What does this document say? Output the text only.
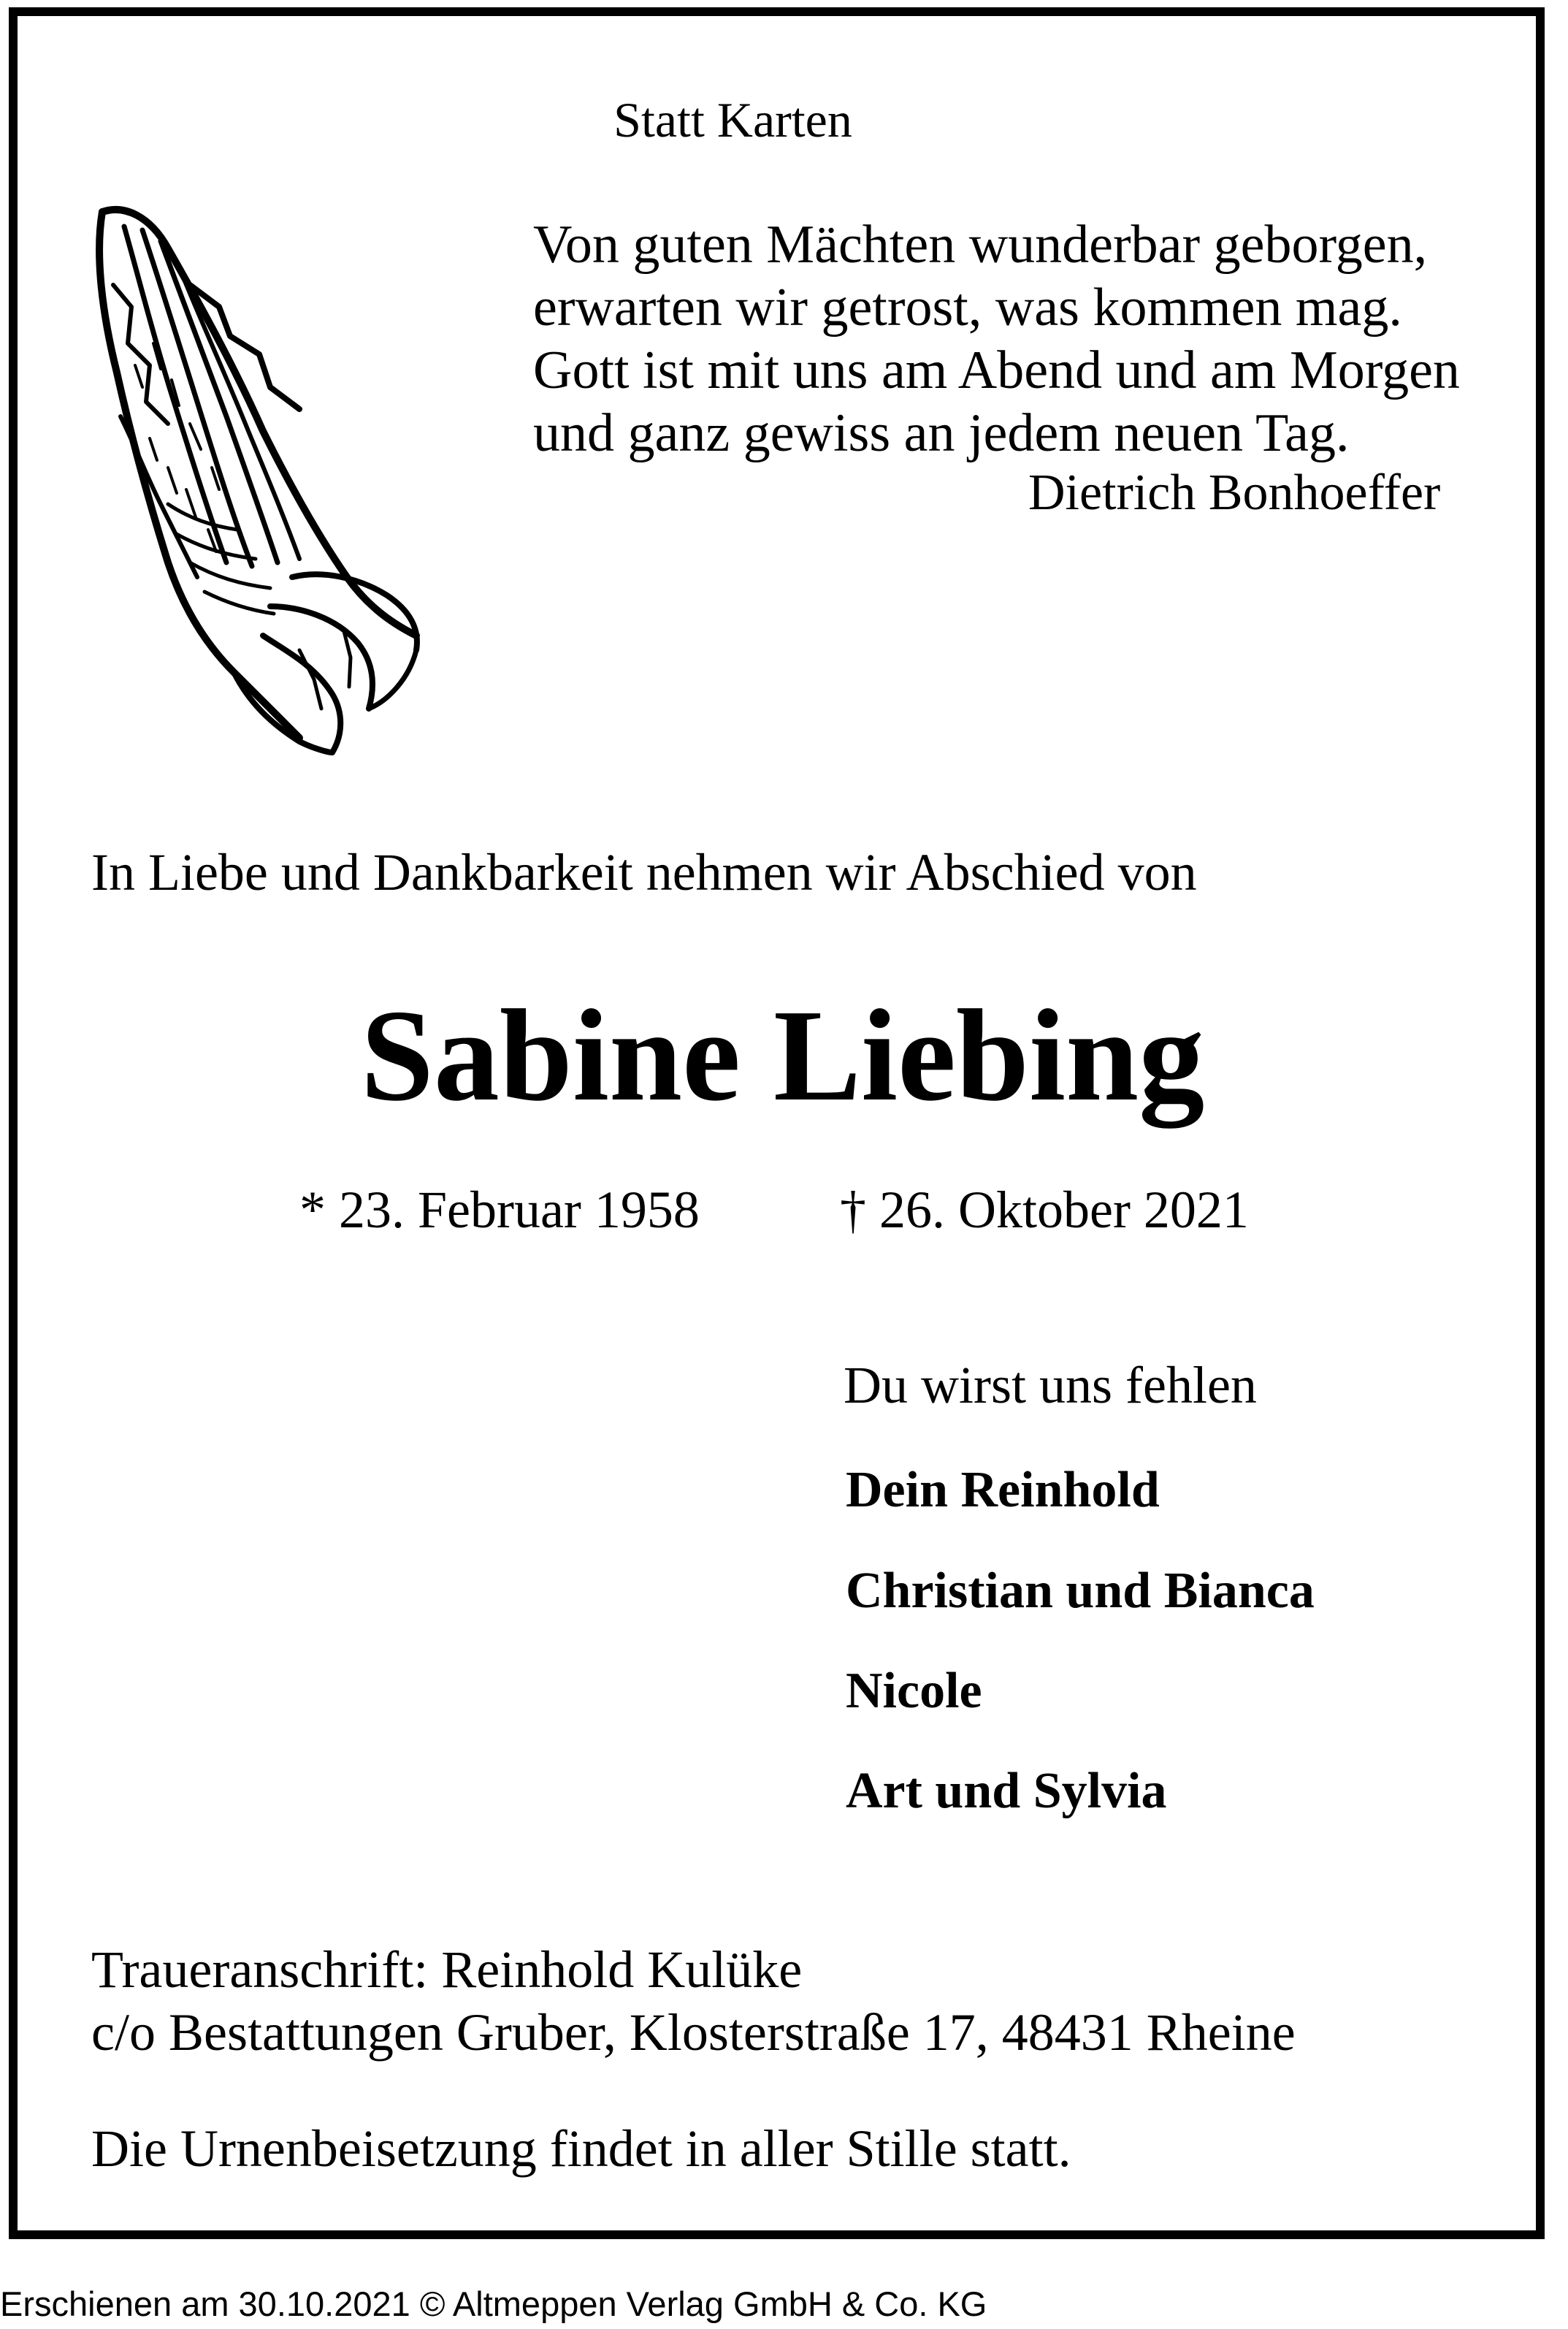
Statt Karten
Von guten Mächten wunderbar geborgen,
erwarten wir getrost, was kommen mag.
Gott ist mit uns am Abend und am Morgen
und ganz gewiss an jedem neuen Tag.
Dietrich Bonhoeffer
In Liebe und Dankbarkeit nehmen wir Abschied von
Sabine Liebing
* 23. Februar 1958	† 26. Oktober 2021
Du wirst uns fehlen
Dein Reinhold
Christian und Bianca
Nicole
Art und Sylvia
Traueranschrift: Reinhold Kulüke
c/o Bestattungen Gruber, Klosterstraße 17, 48431 Rheine
Die Urnenbeisetzung findet in aller Stille statt.
Erschienen am 30.10.2021 © Altmeppen Verlag GmbH & Co. KG
